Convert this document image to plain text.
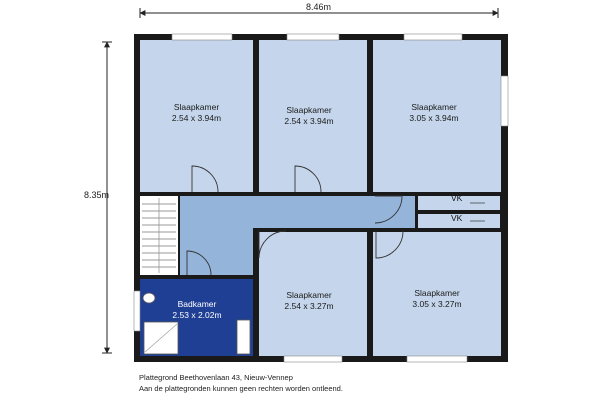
8.46m
8.35m
Slaapkamer
2.54 x 3.94m
Slaapkamer
2.54 x 3.94m
Slaapkamer
3.05 x 3.94m
Slaapkamer
2.54 x 3.27m
Slaapkamer
3.05 x 3.27m
Badkamer
2.53 x 2.02m
VK
VK
Plattegrond Beethovenlaan 43, Nieuw-Vennep
Aan de plattegronden kunnen geen rechten worden ontleend.
